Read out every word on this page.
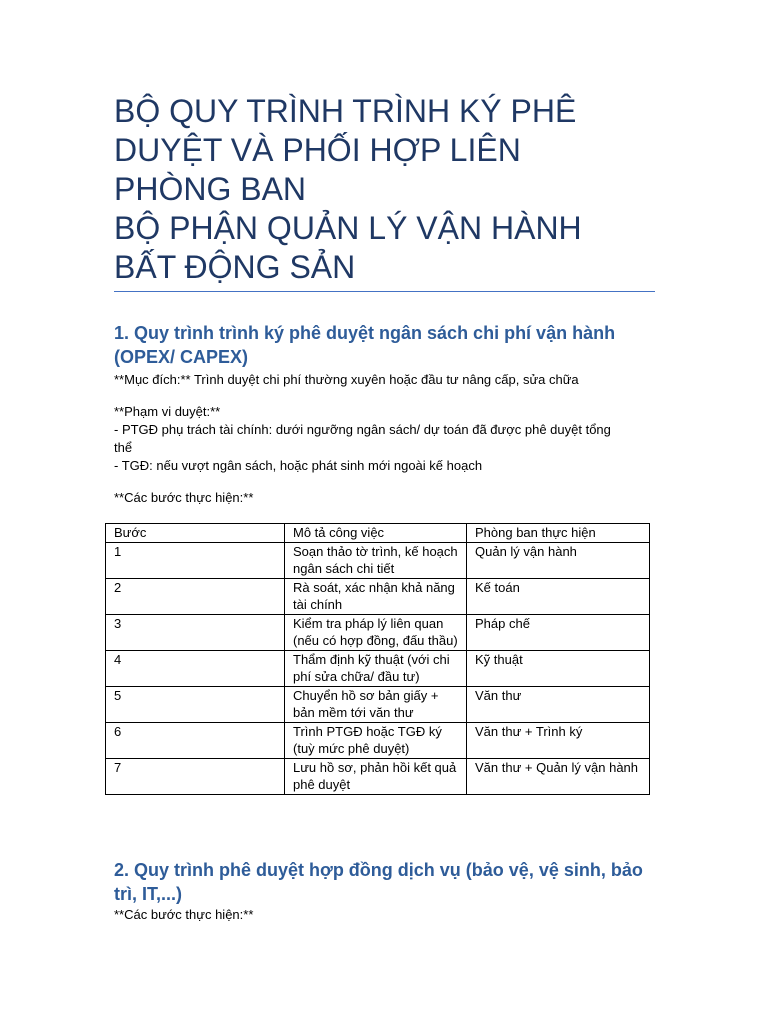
BỘ QUY TRÌNH TRÌNH KÝ PHÊ
DUYỆT VÀ PHỐI HỢP LIÊN
PHÒNG BAN
BỘ PHẬN QUẢN LÝ VẬN HÀNH
BẤT ĐỘNG SẢN
1. Quy trình trình ký phê duyệt ngân sách chi phí vận hành
(OPEX/ CAPEX)

**Mục đích:** Trình duyệt chi phí thường xuyên hoặc đầu tư nâng cấp, sửa chữa

**Phạm vi duyệt:**
- PTGĐ phụ trách tài chính: dưới ngưỡng ngân sách/ dự toán đã được phê duyệt tổng
thể
- TGĐ: nếu vượt ngân sách, hoặc phát sinh mới ngoài kế hoạch

**Các bước thực hiện:**

Bước	Mô tả công việc	Phòng ban thực hiện
1	Soạn thảo tờ trình, kế hoạch ngân sách chi tiết	Quản lý vận hành
2	Rà soát, xác nhận khả năng tài chính	Kế toán
3	Kiểm tra pháp lý liên quan (nếu có hợp đồng, đấu thầu)	Pháp chế
4	Thẩm định kỹ thuật (với chi phí sửa chữa/ đầu tư)	Kỹ thuật
5	Chuyển hồ sơ bản giấy + bản mềm tới văn thư	Văn thư
6	Trình PTGĐ hoặc TGĐ ký (tuỳ mức phê duyệt)	Văn thư + Trình ký
7	Lưu hồ sơ, phản hồi kết quả phê duyệt	Văn thư + Quản lý vận hành
2. Quy trình phê duyệt hợp đồng dịch vụ (bảo vệ, vệ sinh, bảo
trì, IT,...)

**Các bước thực hiện:**
